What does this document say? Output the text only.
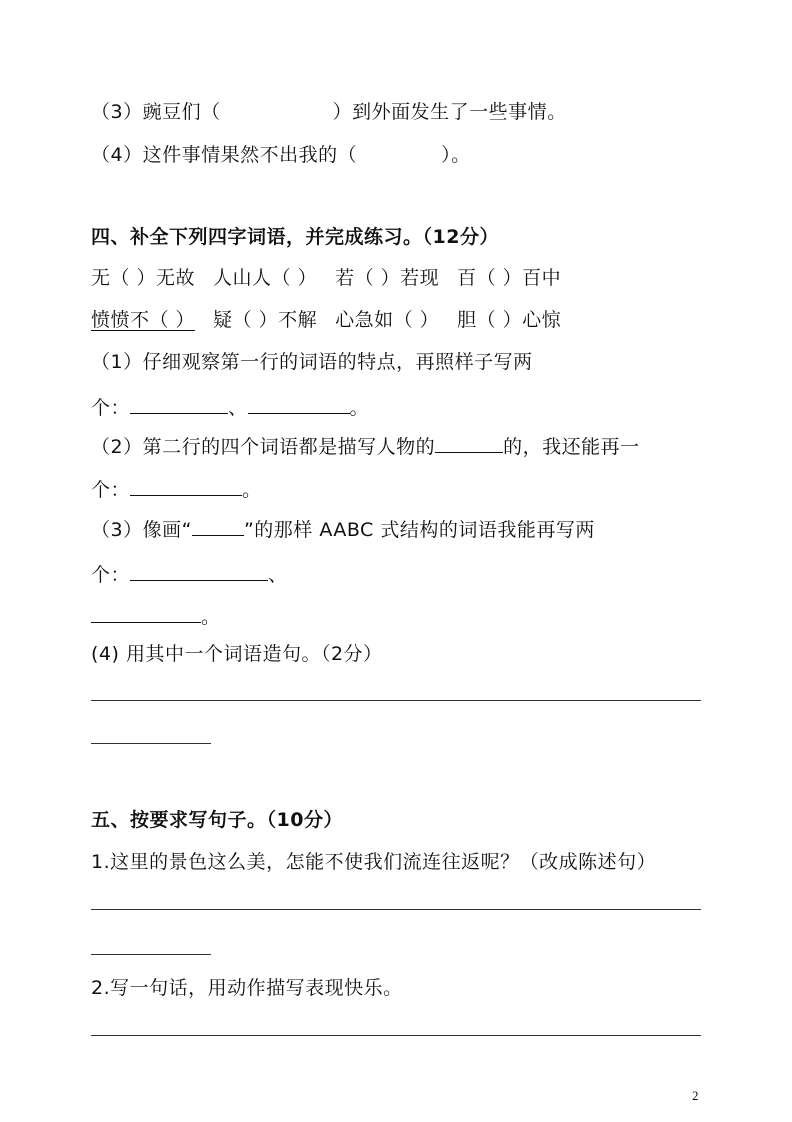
（3）豌豆们（	）到外面发生了一些事情。
（4）这件事情果然不出我的（	）。
四、补全下列四字词语，并完成练习。（12分）
无（ ）无故 人山人（ ） 若（ ）若现 百（ ）百中
愤愤不（ ） 疑（ ）不解 心急如（ ） 胆（ ）心惊
（1）仔细观察第一行的词语的特点，再照样子写两
个：	、	。
（2）第二行的四个词语都是描写人物的	的，我还能再一
个：	。
（3）像画“	”的那样 AABC 式结构的词语我能再写两
个：	、
。
(4) 用其中一个词语造句。（2分）
五、按要求写句子。（10分）
1.这里的景色这么美，怎能不使我们流连往返呢？（改成陈述句）
2.写一句话，用动作描写表现快乐。
2
